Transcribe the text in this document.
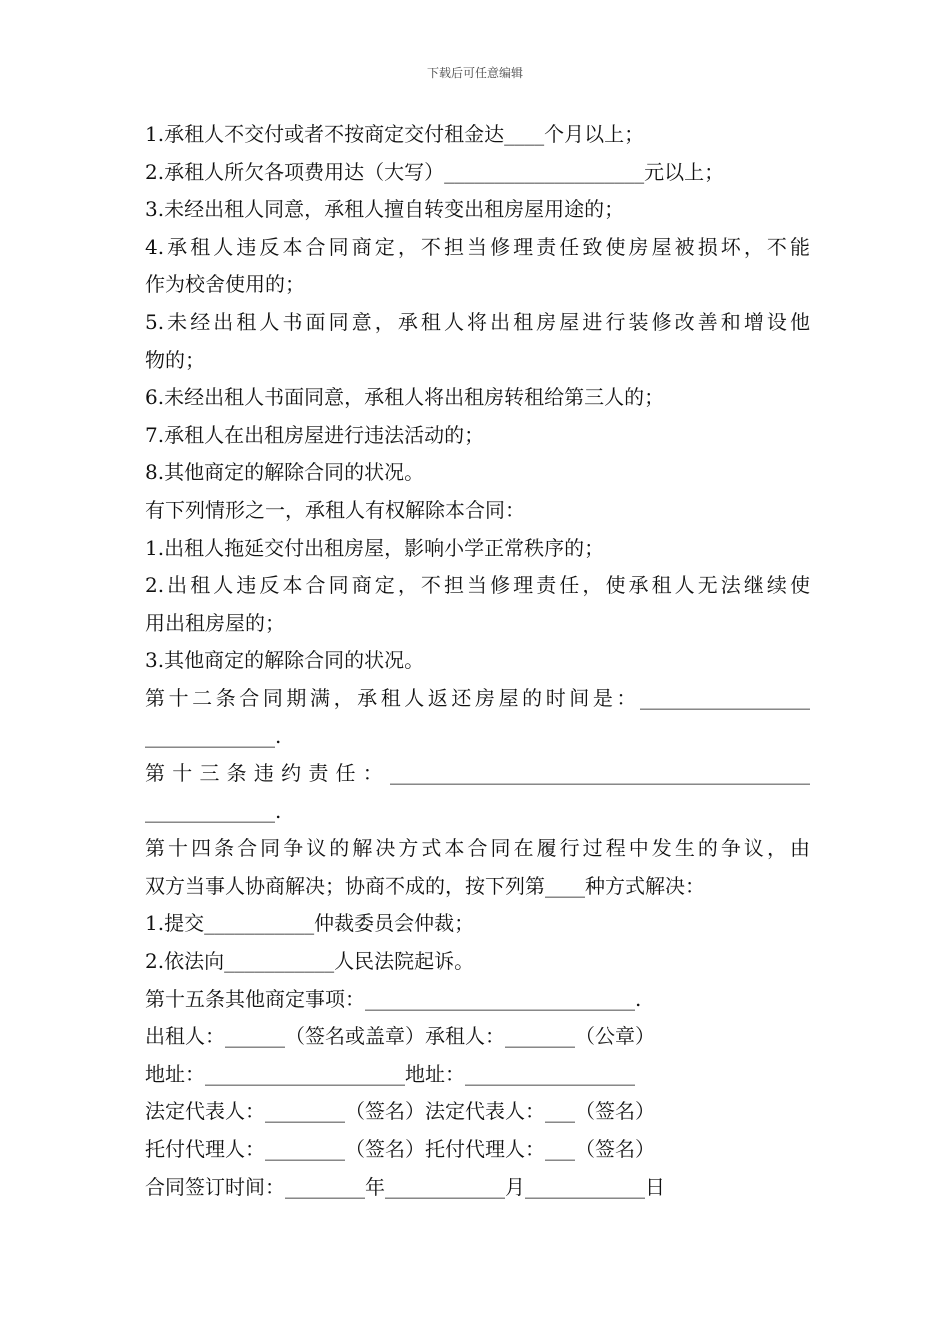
下载后可任意编辑
1.承租人不交付或者不按商定交付租金达____个月以上；
2.承租人所欠各项费用达（大写）____________________元以上；
3.未经出租人同意，承租人擅自转变出租房屋用途的；
4.承租人违反本合同商定，不担当修理责任致使房屋被损坏，不能
作为校舍使用的；
5.未经出租人书面同意，承租人将出租房屋进行装修改善和增设他
物的；
6.未经出租人书面同意，承租人将出租房转租给第三人的；
7.承租人在出租房屋进行违法活动的；
8.其他商定的解除合同的状况。
有下列情形之一，承租人有权解除本合同：
1.出租人拖延交付出租房屋，影响小学正常秩序的；
2.出租人违反本合同商定，不担当修理责任，使承租人无法继续使
用出租房屋的；
3.其他商定的解除合同的状况。
第十二条合同期满，承租人返还房屋的时间是：_________________
_____________.
第十三条违约责任：__________________________________________
_____________.
第十四条合同争议的解决方式本合同在履行过程中发生的争议，由
双方当事人协商解决；协商不成的，按下列第____种方式解决：
1.提交___________仲裁委员会仲裁；
2.依法向___________人民法院起诉。
第十五条其他商定事项：___________________________.
出租人：______（签名或盖章）承租人：_______（公章）
地址：____________________地址：_________________
法定代表人：________（签名）法定代表人：___（签名）
托付代理人：________（签名）托付代理人：___（签名）
合同签订时间：________年____________月____________日
